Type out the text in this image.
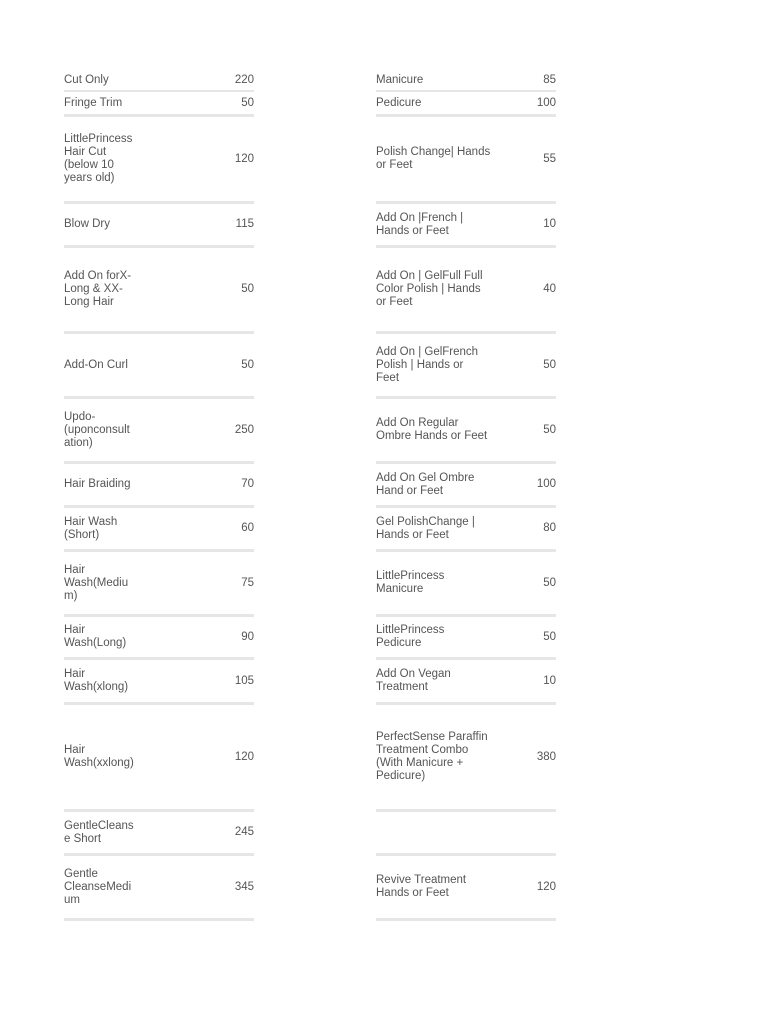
Cut Only	220
Fringe Trim	50
LittlePrincess
Hair Cut
(below 10
years old)
120
Blow Dry	115
Add On forX-
Long & XX-
Long Hair
50
Add-On Curl	50
Updo-
(uponconsult
ation)
250
Hair Braiding	70
Hair Wash
(Short)
60
Hair
Wash(Mediu
m)
75
Hair
Wash(Long)
90
Hair
Wash(xlong)
105
Hair
Wash(xxlong)
120
GentleCleans
e Short
245
Gentle
CleanseMedi
um
345
Manicure	85
Pedicure	100
Polish Change| Hands
or Feet
55
Add On |French |
Hands or Feet
10
Add On | GelFull Full
Color Polish | Hands
or Feet
40
Add On | GelFrench
Polish | Hands or
Feet
50
Add On Regular
Ombre Hands or Feet
50
Add On Gel Ombre
Hand or Feet
100
Gel PolishChange |
Hands or Feet
80
LittlePrincess
Manicure
50
LittlePrincess
Pedicure
50
Add On Vegan
Treatment
10
PerfectSense Paraffin
Treatment Combo
(With Manicure +
Pedicure)
380
Revive Treatment
Hands or Feet
120
